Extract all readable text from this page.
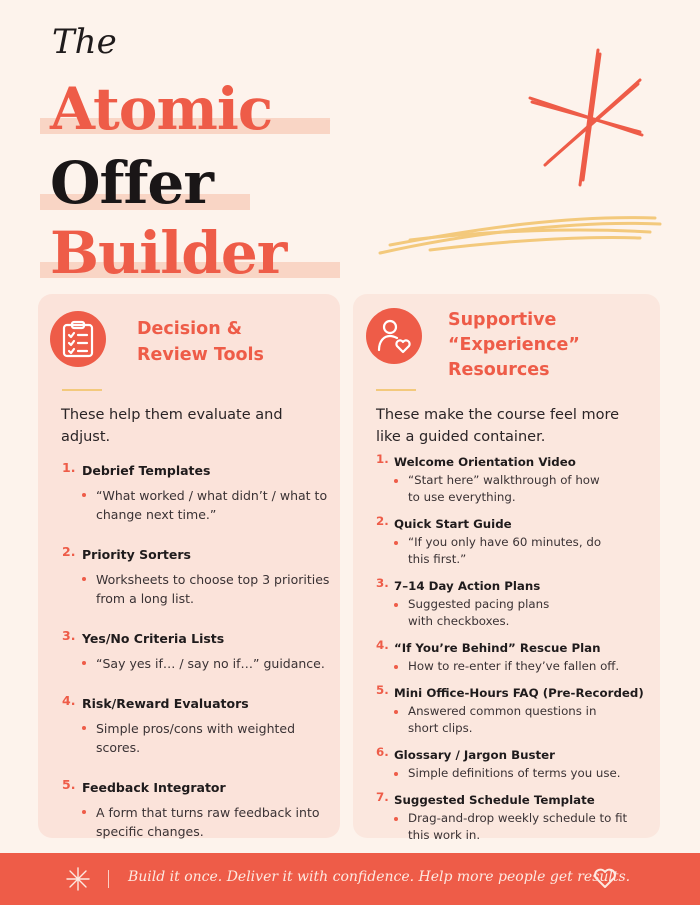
The
Atomic
Offer
Builder
Decision &
Review Tools
These help them evaluate and adjust.
1. Debrief Templates
“What worked / what didn’t / what to change next time.”
2. Priority Sorters
Worksheets to choose top 3 priorities from a long list.
3. Yes/No Criteria Lists
“Say yes if… / say no if…” guidance.
4. Risk/Reward Evaluators
Simple pros/cons with weighted scores.
5. Feedback Integrator
A form that turns raw feedback into specific changes.
Supportive
“Experience”
Resources
These make the course feel more like a guided container.
1. Welcome Orientation Video
“Start here” walkthrough of how to use everything.
2. Quick Start Guide
“If you only have 60 minutes, do this first.”
3. 7–14 Day Action Plans
Suggested pacing plans with checkboxes.
4. “If You’re Behind” Rescue Plan
How to re-enter if they’ve fallen off.
5. Mini Office-Hours FAQ (Pre-Recorded)
Answered common questions in short clips.
6. Glossary / Jargon Buster
Simple definitions of terms you use.
7. Suggested Schedule Template
Drag-and-drop weekly schedule to fit this work in.
Build it once. Deliver it with confidence. Help more people get results.
